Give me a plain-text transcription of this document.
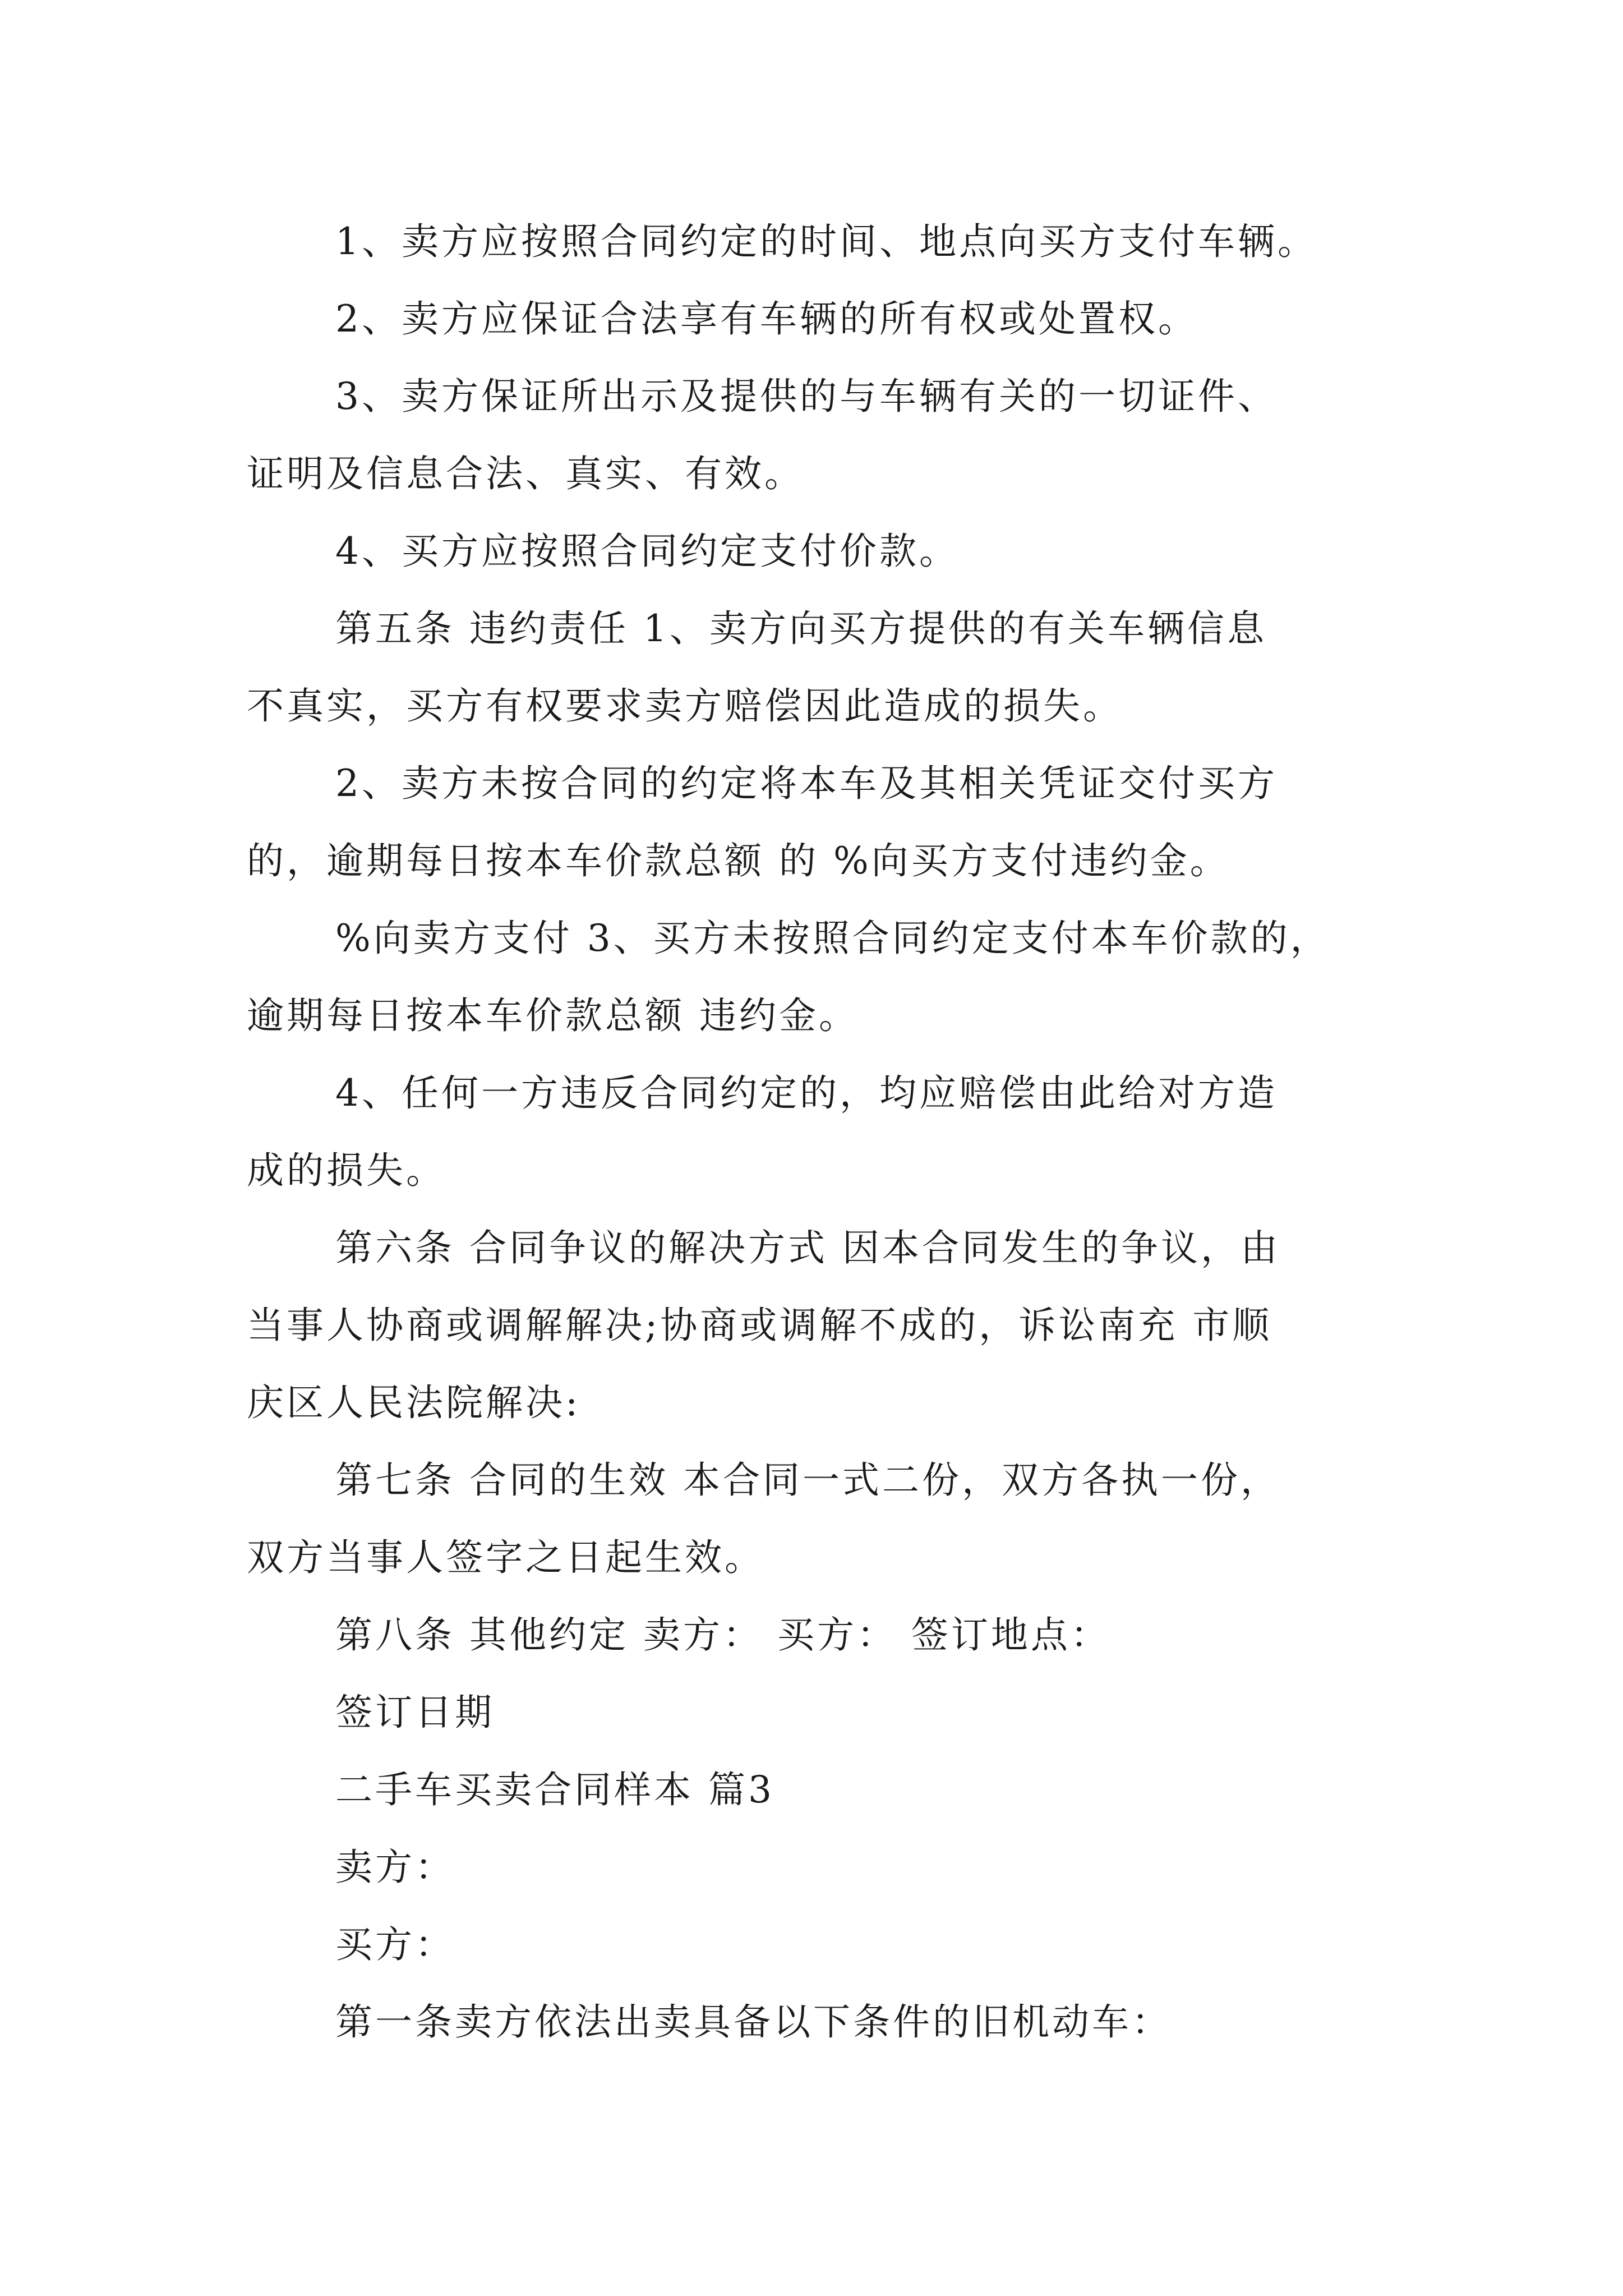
1、卖方应按照合同约定的时间、地点向买方支付车辆。
2、卖方应保证合法享有车辆的所有权或处置权。
3、卖方保证所出示及提供的与车辆有关的一切证件、
证明及信息合法、真实、有效。
4、买方应按照合同约定支付价款。
第五条 违约责任 1、卖方向买方提供的有关车辆信息
不真实，买方有权要求卖方赔偿因此造成的损失。
2、卖方未按合同的约定将本车及其相关凭证交付买方
的，逾期每日按本车价款总额 的 %向买方支付违约金。
%向卖方支付 3、买方未按照合同约定支付本车价款的，
逾期每日按本车价款总额 违约金。
4、任何一方违反合同约定的，均应赔偿由此给对方造
成的损失。
第六条 合同争议的解决方式 因本合同发生的争议，由
当事人协商或调解解决;协商或调解不成的，诉讼南充 市顺
庆区人民法院解决:
第七条 合同的生效 本合同一式二份，双方各执一份，
双方当事人签字之日起生效。
第八条 其他约定 卖方： 买方： 签订地点：
签订日期
二手车买卖合同样本 篇3
卖方：
买方：
第一条卖方依法出卖具备以下条件的旧机动车：
